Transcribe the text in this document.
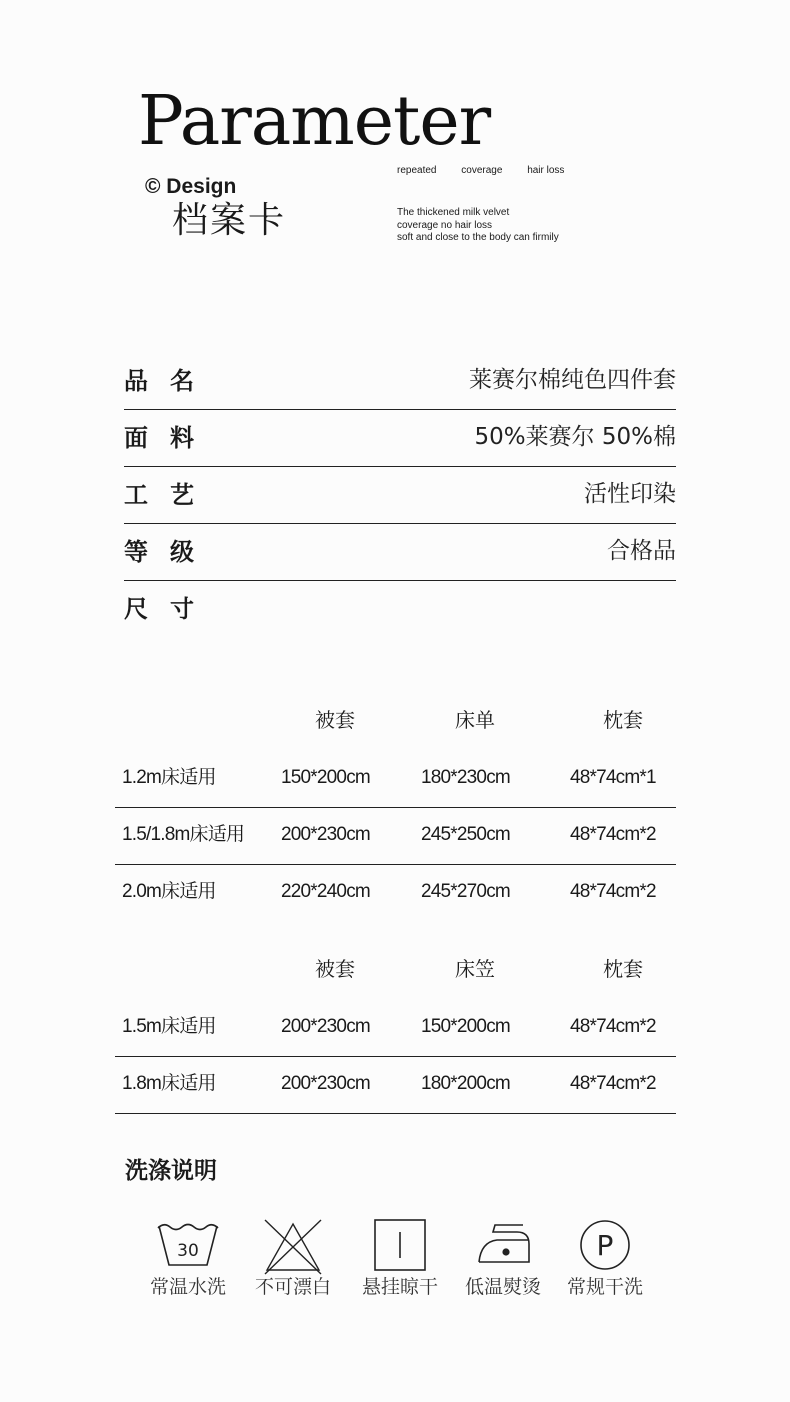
Parameter
© Design
档案卡
repeated coverage hair loss
The thickened milk velvet
coverage no hair loss
soft and close to the body can firmily
品名	莱赛尔棉纯色四件套
面料	50%莱赛尔 50%棉
工艺	活性印染
等级	合格品
尺寸
被套	床单	枕套
1.2m床适用	150*200cm	180*230cm	48*74cm*1
1.5/1.8m床适用 200*230cm	245*250cm	48*74cm*2
2.0m床适用	220*240cm	245*270cm	48*74cm*2
被套	床笠	枕套
1.5m床适用	200*230cm	150*200cm	48*74cm*2
1.8m床适用	200*230cm	180*200cm	48*74cm*2
洗涤说明
30
常温水洗	不可漂白	悬挂晾干	低温熨烫
P
常规干洗
